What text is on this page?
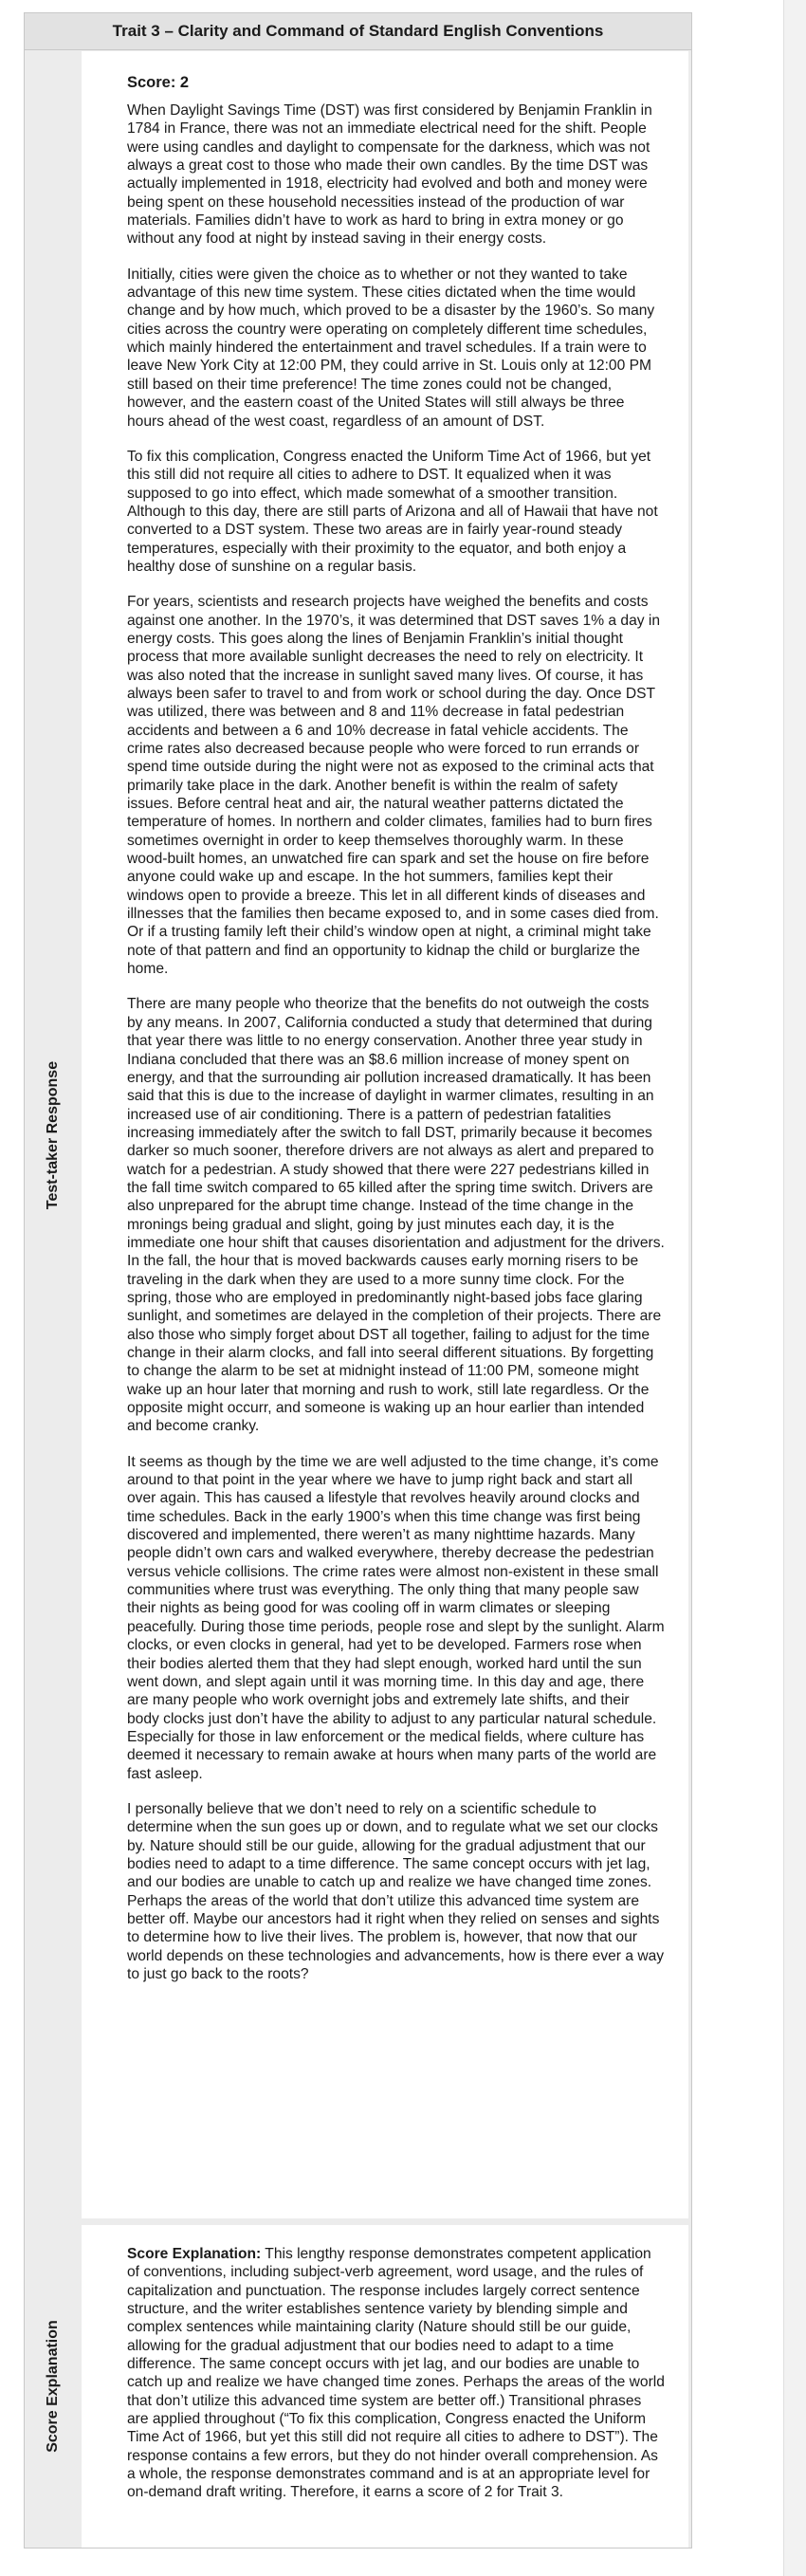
Trait 3 – Clarity and Command of Standard English Conventions
Test-taker Response
Score: 2

When Daylight Savings Time (DST) was first considered by Benjamin Franklin in 1784 in France, there was not an immediate electrical need for the shift. People were using candles and daylight to compensate for the darkness, which was not always a great cost to those who made their own candles. By the time DST was actually implemented in 1918, electricity had evolved and both and money were being spent on these household necessities instead of the production of war materials. Families didn’t have to work as hard to bring in extra money or go without any food at night by instead saving in their energy costs.

Initially, cities were given the choice as to whether or not they wanted to take advantage of this new time system. These cities dictated when the time would change and by how much, which proved to be a disaster by the 1960’s. So many cities across the country were operating on completely different time schedules, which mainly hindered the entertainment and travel schedules. If a train were to leave New York City at 12:00 PM, they could arrive in St. Louis only at 12:00 PM still based on their time preference! The time zones could not be changed, however, and the eastern coast of the United States will still always be three hours ahead of the west coast, regardless of an amount of DST.

To fix this complication, Congress enacted the Uniform Time Act of 1966, but yet this still did not require all cities to adhere to DST. It equalized when it was supposed to go into effect, which made somewhat of a smoother transition. Although to this day, there are still parts of Arizona and all of Hawaii that have not converted to a DST system. These two areas are in fairly year-round steady temperatures, especially with their proximity to the equator, and both enjoy a healthy dose of sunshine on a regular basis.

For years, scientists and research projects have weighed the benefits and costs against one another. In the 1970’s, it was determined that DST saves 1% a day in energy costs. This goes along the lines of Benjamin Franklin’s initial thought process that more available sunlight decreases the need to rely on electricity. It was also noted that the increase in sunlight saved many lives. Of course, it has always been safer to travel to and from work or school during the day. Once DST was utilized, there was between and 8 and 11% decrease in fatal pedestrian accidents and between a 6 and 10% decrease in fatal vehicle accidents. The crime rates also decreased because people who were forced to run errands or spend time outside during the night were not as exposed to the criminal acts that primarily take place in the dark. Another benefit is within the realm of safety issues. Before central heat and air, the natural weather patterns dictated the temperature of homes. In northern and colder climates, families had to burn fires sometimes overnight in order to keep themselves thoroughly warm. In these wood-built homes, an unwatched fire can spark and set the house on fire before anyone could wake up and escape. In the hot summers, families kept their windows open to provide a breeze. This let in all different kinds of diseases and illnesses that the families then became exposed to, and in some cases died from. Or if a trusting family left their child’s window open at night, a criminal might take note of that pattern and find an opportunity to kidnap the child or burglarize the home.

There are many people who theorize that the benefits do not outweigh the costs by any means. In 2007, California conducted a study that determined that during that year there was little to no energy conservation. Another three year study in Indiana concluded that there was an $8.6 million increase of money spent on energy, and that the surrounding air pollution increased dramatically. It has been said that this is due to the increase of daylight in warmer climates, resulting in an increased use of air conditioning. There is a pattern of pedestrian fatalities increasing immediately after the switch to fall DST, primarily because it becomes darker so much sooner, therefore drivers are not always as alert and prepared to watch for a pedestrian. A study showed that there were 227 pedestrians killed in the fall time switch compared to 65 killed after the spring time switch. Drivers are also unprepared for the abrupt time change. Instead of the time change in the mronings being gradual and slight, going by just minutes each day, it is the immediate one hour shift that causes disorientation and adjustment for the drivers. In the fall, the hour that is moved backwards causes early morning risers to be traveling in the dark when they are used to a more sunny time clock. For the spring, those who are employed in predominantly night-based jobs face glaring sunlight, and sometimes are delayed in the completion of their projects. There are also those who simply forget about DST all together, failing to adjust for the time change in their alarm clocks, and fall into seeral different situations. By forgetting to change the alarm to be set at midnight instead of 11:00 PM, someone might wake up an hour later that morning and rush to work, still late regardless. Or the opposite might occurr, and someone is waking up an hour earlier than intended and become cranky.

It seems as though by the time we are well adjusted to the time change, it’s come around to that point in the year where we have to jump right back and start all over again. This has caused a lifestyle that revolves heavily around clocks and time schedules. Back in the early 1900’s when this time change was first being discovered and implemented, there weren’t as many nighttime hazards. Many people didn’t own cars and walked everywhere, thereby decrease the pedestrian versus vehicle collisions. The crime rates were almost non-existent in these small communities where trust was everything. The only thing that many people saw their nights as being good for was cooling off in warm climates or sleeping peacefully. During those time periods, people rose and slept by the sunlight. Alarm clocks, or even clocks in general, had yet to be developed. Farmers rose when their bodies alerted them that they had slept enough, worked hard until the sun went down, and slept again until it was morning time. In this day and age, there are many people who work overnight jobs and extremely late shifts, and their body clocks just don’t have the ability to adjust to any particular natural schedule. Especially for those in law enforcement or the medical fields, where culture has deemed it necessary to remain awake at hours when many parts of the world are fast asleep.

I personally believe that we don’t need to rely on a scientific schedule to determine when the sun goes up or down, and to regulate what we set our clocks by. Nature should still be our guide, allowing for the gradual adjustment that our bodies need to adapt to a time difference. The same concept occurs with jet lag, and our bodies are unable to catch up and realize we have changed time zones. Perhaps the areas of the world that don’t utilize this advanced time system are better off. Maybe our ancestors had it right when they relied on senses and sights to determine how to live their lives. The problem is, however, that now that our world depends on these technologies and advancements, how is there ever a way to just go back to the roots?

Score Explanation

Score Explanation: This lengthy response demonstrates competent application of conventions, including subject-verb agreement, word usage, and the rules of capitalization and punctuation. The response includes largely correct sentence structure, and the writer establishes sentence variety by blending simple and complex sentences while maintaining clarity (Nature should still be our guide, allowing for the gradual adjustment that our bodies need to adapt to a time difference. The same concept occurs with jet lag, and our bodies are unable to catch up and realize we have changed time zones. Perhaps the areas of the world that don’t utilize this advanced time system are better off.) Transitional phrases are applied throughout (“To fix this complication, Congress enacted the Uniform Time Act of 1966, but yet this still did not require all cities to adhere to DST”). The response contains a few errors, but they do not hinder overall comprehension. As a whole, the response demonstrates command and is at an appropriate level for on-demand draft writing. Therefore, it earns a score of 2 for Trait 3.
